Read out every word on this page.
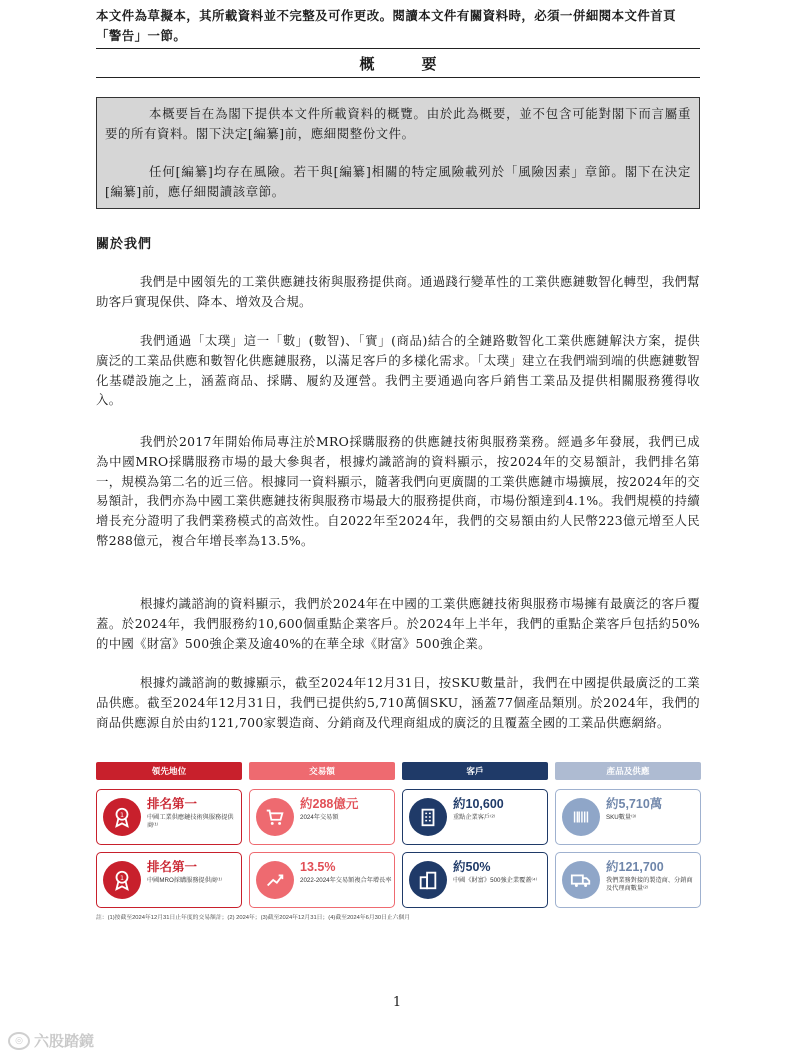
本文件為草擬本，其所載資料並不完整及可作更改。閱讀本文件有關資料時，必須一併細閱本文件首頁「警告」一節。
概　要

本概要旨在為閣下提供本文件所載資料的概覽。由於此為概要，並不包含可能對閣下而言屬重要的所有資料。閣下決定[編纂]前，應細閱整份文件。

任何[編纂]均存在風險。若干與[編纂]相關的特定風險載列於「風險因素」章節。閣下在決定[編纂]前，應仔細閱讀該章節。

關於我們

我們是中國領先的工業供應鏈技術與服務提供商。通過踐行變革性的工業供應鏈數智化轉型，我們幫助客戶實現保供、降本、增效及合規。

我們通過「太璞」這一「數」(數智)、「實」(商品)結合的全鏈路數智化工業供應鏈解決方案，提供廣泛的工業品供應和數智化供應鏈服務，以滿足客戶的多樣化需求。「太璞」建立在我們端到端的供應鏈數智化基礎設施之上，涵蓋商品、採購、履約及運營。我們主要通過向客戶銷售工業品及提供相關服務獲得收入。

我們於2017年開始佈局專注於MRO採購服務的供應鏈技術與服務業務。經過多年發展，我們已成為中國MRO採購服務市場的最大參與者，根據灼識諮詢的資料顯示，按2024年的交易額計，我們排名第一，規模為第二名的近三倍。根據同一資料顯示，隨著我們向更廣闊的工業供應鏈市場擴展，按2024年的交易額計，我們亦為中國工業供應鏈技術與服務市場最大的服務提供商，市場份額達到4.1%。我們規模的持續增長充分證明了我們業務模式的高效性。自2022年至2024年，我們的交易額由約人民幣223億元增至人民幣288億元，複合年增長率為13.5%。

根據灼識諮詢的資料顯示，我們於2024年在中國的工業供應鏈技術與服務市場擁有最廣泛的客戶覆蓋。於2024年，我們服務約10,600個重點企業客戶。於2024年上半年，我們的重點企業客戶包括約50%的中國《財富》500強企業及逾40%的在華全球《財富》500強企業。

根據灼識諮詢的數據顯示，截至2024年12月31日，按SKU數量計，我們在中國提供最廣泛的工業品供應。截至2024年12月31日，我們已提供約5,710萬個SKU，涵蓋77個產品類別。於2024年，我們的商品供應源自於由約121,700家製造商、分銷商及代理商組成的廣泛的且覆蓋全國的工業品供應網絡。

領先地位
1
排名第一
中國工業供應鏈技術與服務提供商⁽¹⁾
1
排名第一
中國MRO採購服務提供商⁽¹⁾
交易額
約288億元
2024年交易額
13.5%
2022-2024年交易額複合年增長率
客戶
約10,600
重點企業客戶⁽²⁾
約50%
中國《財富》500強企業覆蓋⁽⁴⁾
產品及供應
約5,710萬
SKU數量⁽³⁾
約121,700
我們業務對接的製造商、分銷商及代理商數量⁽²⁾
註：(1)按截至2024年12月31日止年度的交易額計；(2) 2024年；(3)截至2024年12月31日；(4)截至2024年6月30日止六個月
1
◎ 六股踏鏡
